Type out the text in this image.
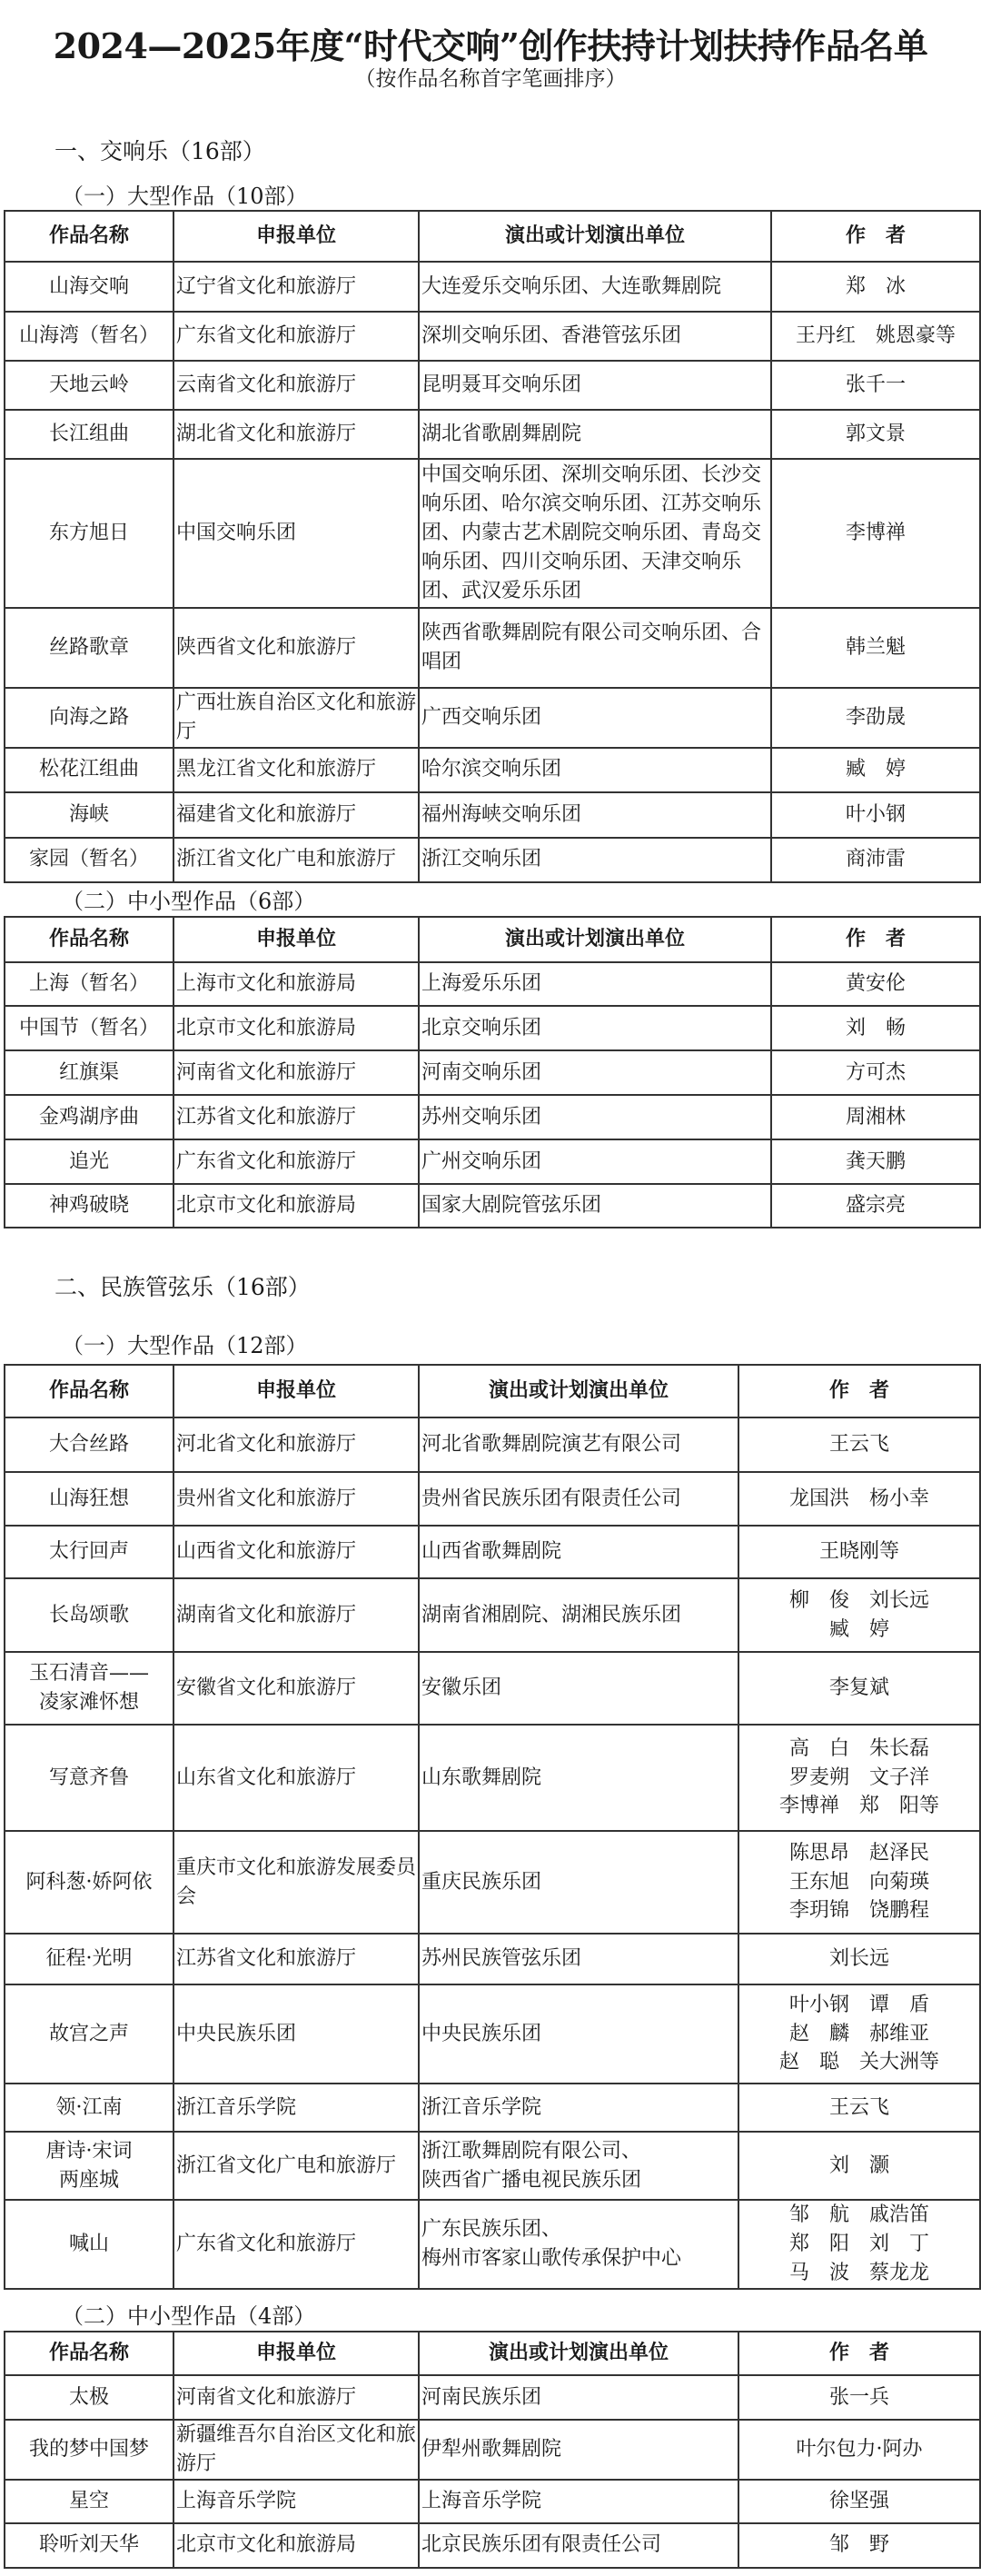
2024—2025年度“时代交响”创作扶持计划扶持作品名单
（按作品名称首字笔画排序）
一、交响乐（16部）
（一）大型作品（10部）
（二）中小型作品（6部）
二、民族管弦乐（16部）
（一）大型作品（12部）
（二）中小型作品（4部）
作品名称	申报单位	演出或计划演出单位	作　者
山海交响	辽宁省文化和旅游厅	大连爱乐交响乐团、大连歌舞剧院	郑　冰
山海湾（暂名）	广东省文化和旅游厅	深圳交响乐团、香港管弦乐团	王丹红　姚恩豪等
天地云岭	云南省文化和旅游厅	昆明聂耳交响乐团	张千一
长江组曲	湖北省文化和旅游厅	湖北省歌剧舞剧院	郭文景
东方旭日	中国交响乐团	中国交响乐团、深圳交响乐团、长沙交响乐团、哈尔滨交响乐团、江苏交响乐团、内蒙古艺术剧院交响乐团、青岛交响乐团、四川交响乐团、天津交响乐团、武汉爱乐乐团	李博禅
丝路歌章	陕西省文化和旅游厅	陕西省歌舞剧院有限公司交响乐团、合唱团	韩兰魁
向海之路	广西壮族自治区文化和旅游厅	广西交响乐团	李劭晟
松花江组曲	黑龙江省文化和旅游厅	哈尔滨交响乐团	臧　婷
海峡	福建省文化和旅游厅	福州海峡交响乐团	叶小钢
家园（暂名）	浙江省文化广电和旅游厅	浙江交响乐团	商沛雷
作品名称	申报单位	演出或计划演出单位	作　者
上海（暂名）	上海市文化和旅游局	上海爱乐乐团	黄安伦
中国节（暂名）	北京市文化和旅游局	北京交响乐团	刘　畅
红旗渠	河南省文化和旅游厅	河南交响乐团	方可杰
金鸡湖序曲	江苏省文化和旅游厅	苏州交响乐团	周湘林
追光	广东省文化和旅游厅	广州交响乐团	龚天鹏
神鸡破晓	北京市文化和旅游局	国家大剧院管弦乐团	盛宗亮
作品名称	申报单位	演出或计划演出单位	作　者
大合丝路	河北省文化和旅游厅	河北省歌舞剧院演艺有限公司	王云飞
山海狂想	贵州省文化和旅游厅	贵州省民族乐团有限责任公司	龙国洪　杨小幸
太行回声	山西省文化和旅游厅	山西省歌舞剧院	王晓刚等
长岛颂歌	湖南省文化和旅游厅	湖南省湘剧院、湖湘民族乐团	柳　俊　刘长远
臧　婷
玉石清音——
凌家滩怀想	安徽省文化和旅游厅	安徽乐团	李复斌
写意齐鲁	山东省文化和旅游厅	山东歌舞剧院	高　白　朱长磊
罗麦朔　文子洋
李博禅　郑　阳等
阿科葱·娇阿依	重庆市文化和旅游发展委员会	重庆民族乐团	陈思昂　赵泽民
王东旭　向菊瑛
李玥锦　饶鹏程
征程·光明	江苏省文化和旅游厅	苏州民族管弦乐团	刘长远
故宫之声	中央民族乐团	中央民族乐团	叶小钢　谭　盾
赵　麟　郝维亚
赵　聪　关大洲等
领·江南	浙江音乐学院	浙江音乐学院	王云飞
唐诗·宋词
两座城	浙江省文化广电和旅游厅	浙江歌舞剧院有限公司、
陕西省广播电视民族乐团	刘　灏
喊山	广东省文化和旅游厅	广东民族乐团、
梅州市客家山歌传承保护中心	邹　航　戚浩笛
郑　阳　刘　丁
马　波　蔡龙龙
作品名称	申报单位	演出或计划演出单位	作　者
太极	河南省文化和旅游厅	河南民族乐团	张一兵
我的梦中国梦	新疆维吾尔自治区文化和旅游厅	伊犁州歌舞剧院	叶尔包力·阿办
星空	上海音乐学院	上海音乐学院	徐坚强
聆听刘天华	北京市文化和旅游局	北京民族乐团有限责任公司	邹　野
